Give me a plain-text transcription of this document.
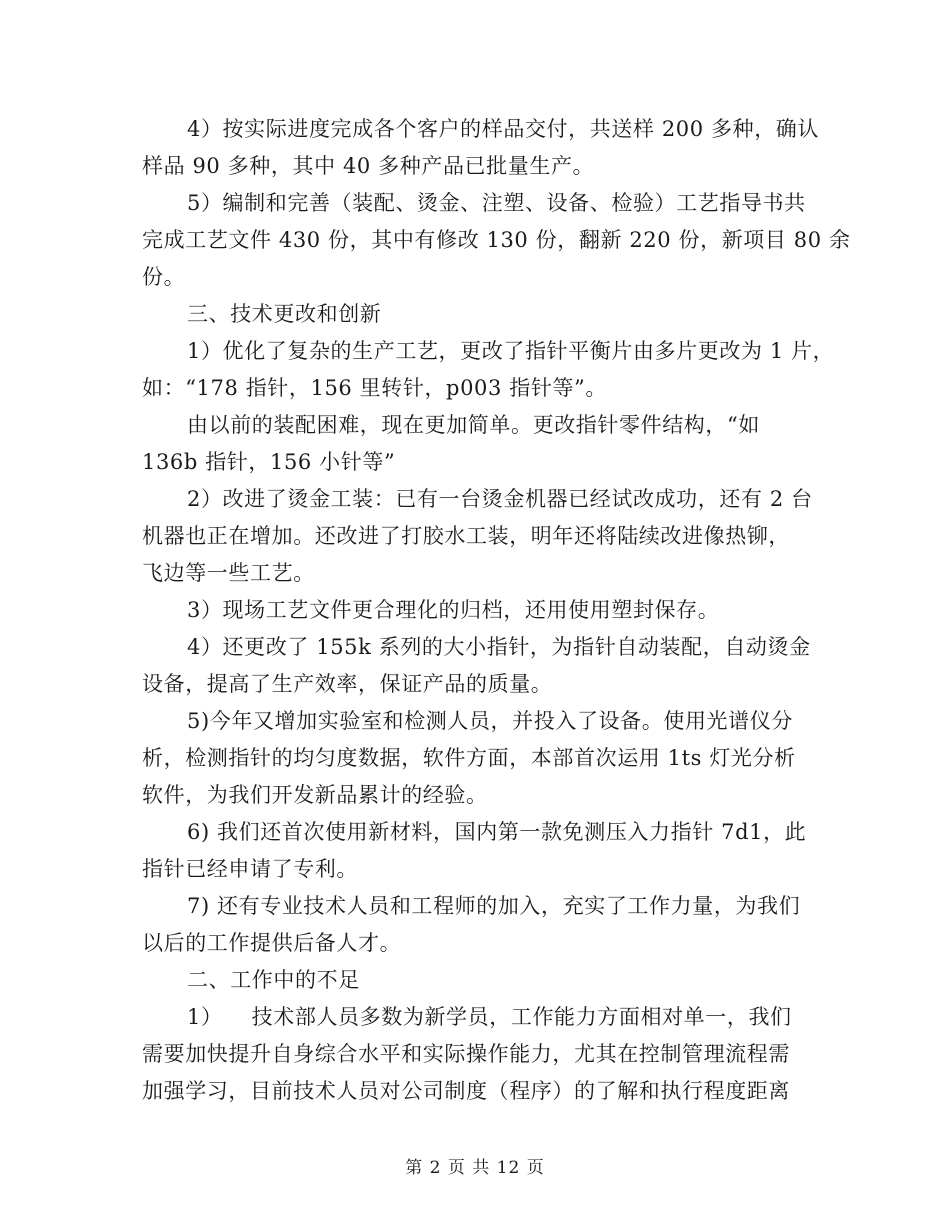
4）按实际进度完成各个客户的样品交付，共送样 200 多种，确认
样品 90 多种，其中 40 多种产品已批量生产。
5）编制和完善（装配、烫金、注塑、设备、检验）工艺指导书共
完成工艺文件 430 份，其中有修改 130 份，翻新 220 份，新项目 80 余
份。
三、技术更改和创新
1）优化了复杂的生产工艺，更改了指针平衡片由多片更改为 1 片，
如：“178 指针，156 里转针，p003 指针等”。
由以前的装配困难，现在更加简单。更改指针零件结构，“如
136b 指针，156 小针等”
2）改进了烫金工装：已有一台烫金机器已经试改成功，还有 2 台
机器也正在增加。还改进了打胶水工装，明年还将陆续改进像热铆，
飞边等一些工艺。
3）现场工艺文件更合理化的归档，还用使用塑封保存。
4）还更改了 155k 系列的大小指针，为指针自动装配，自动烫金
设备，提高了生产效率，保证产品的质量。
5)今年又增加实验室和检测人员，并投入了设备。使用光谱仪分
析，检测指针的均匀度数据，软件方面，本部首次运用 1ts 灯光分析
软件，为我们开发新品累计的经验。
6) 我们还首次使用新材料，国内第一款免测压入力指针 7d1，此
指针已经申请了专利。
7) 还有专业技术人员和工程师的加入，充实了工作力量，为我们
以后的工作提供后备人才。
二、工作中的不足
1）    技术部人员多数为新学员，工作能力方面相对单一，我们
需要加快提升自身综合水平和实际操作能力，尤其在控制管理流程需
加强学习，目前技术人员对公司制度（程序）的了解和执行程度距离
第 2 页 共 12 页
